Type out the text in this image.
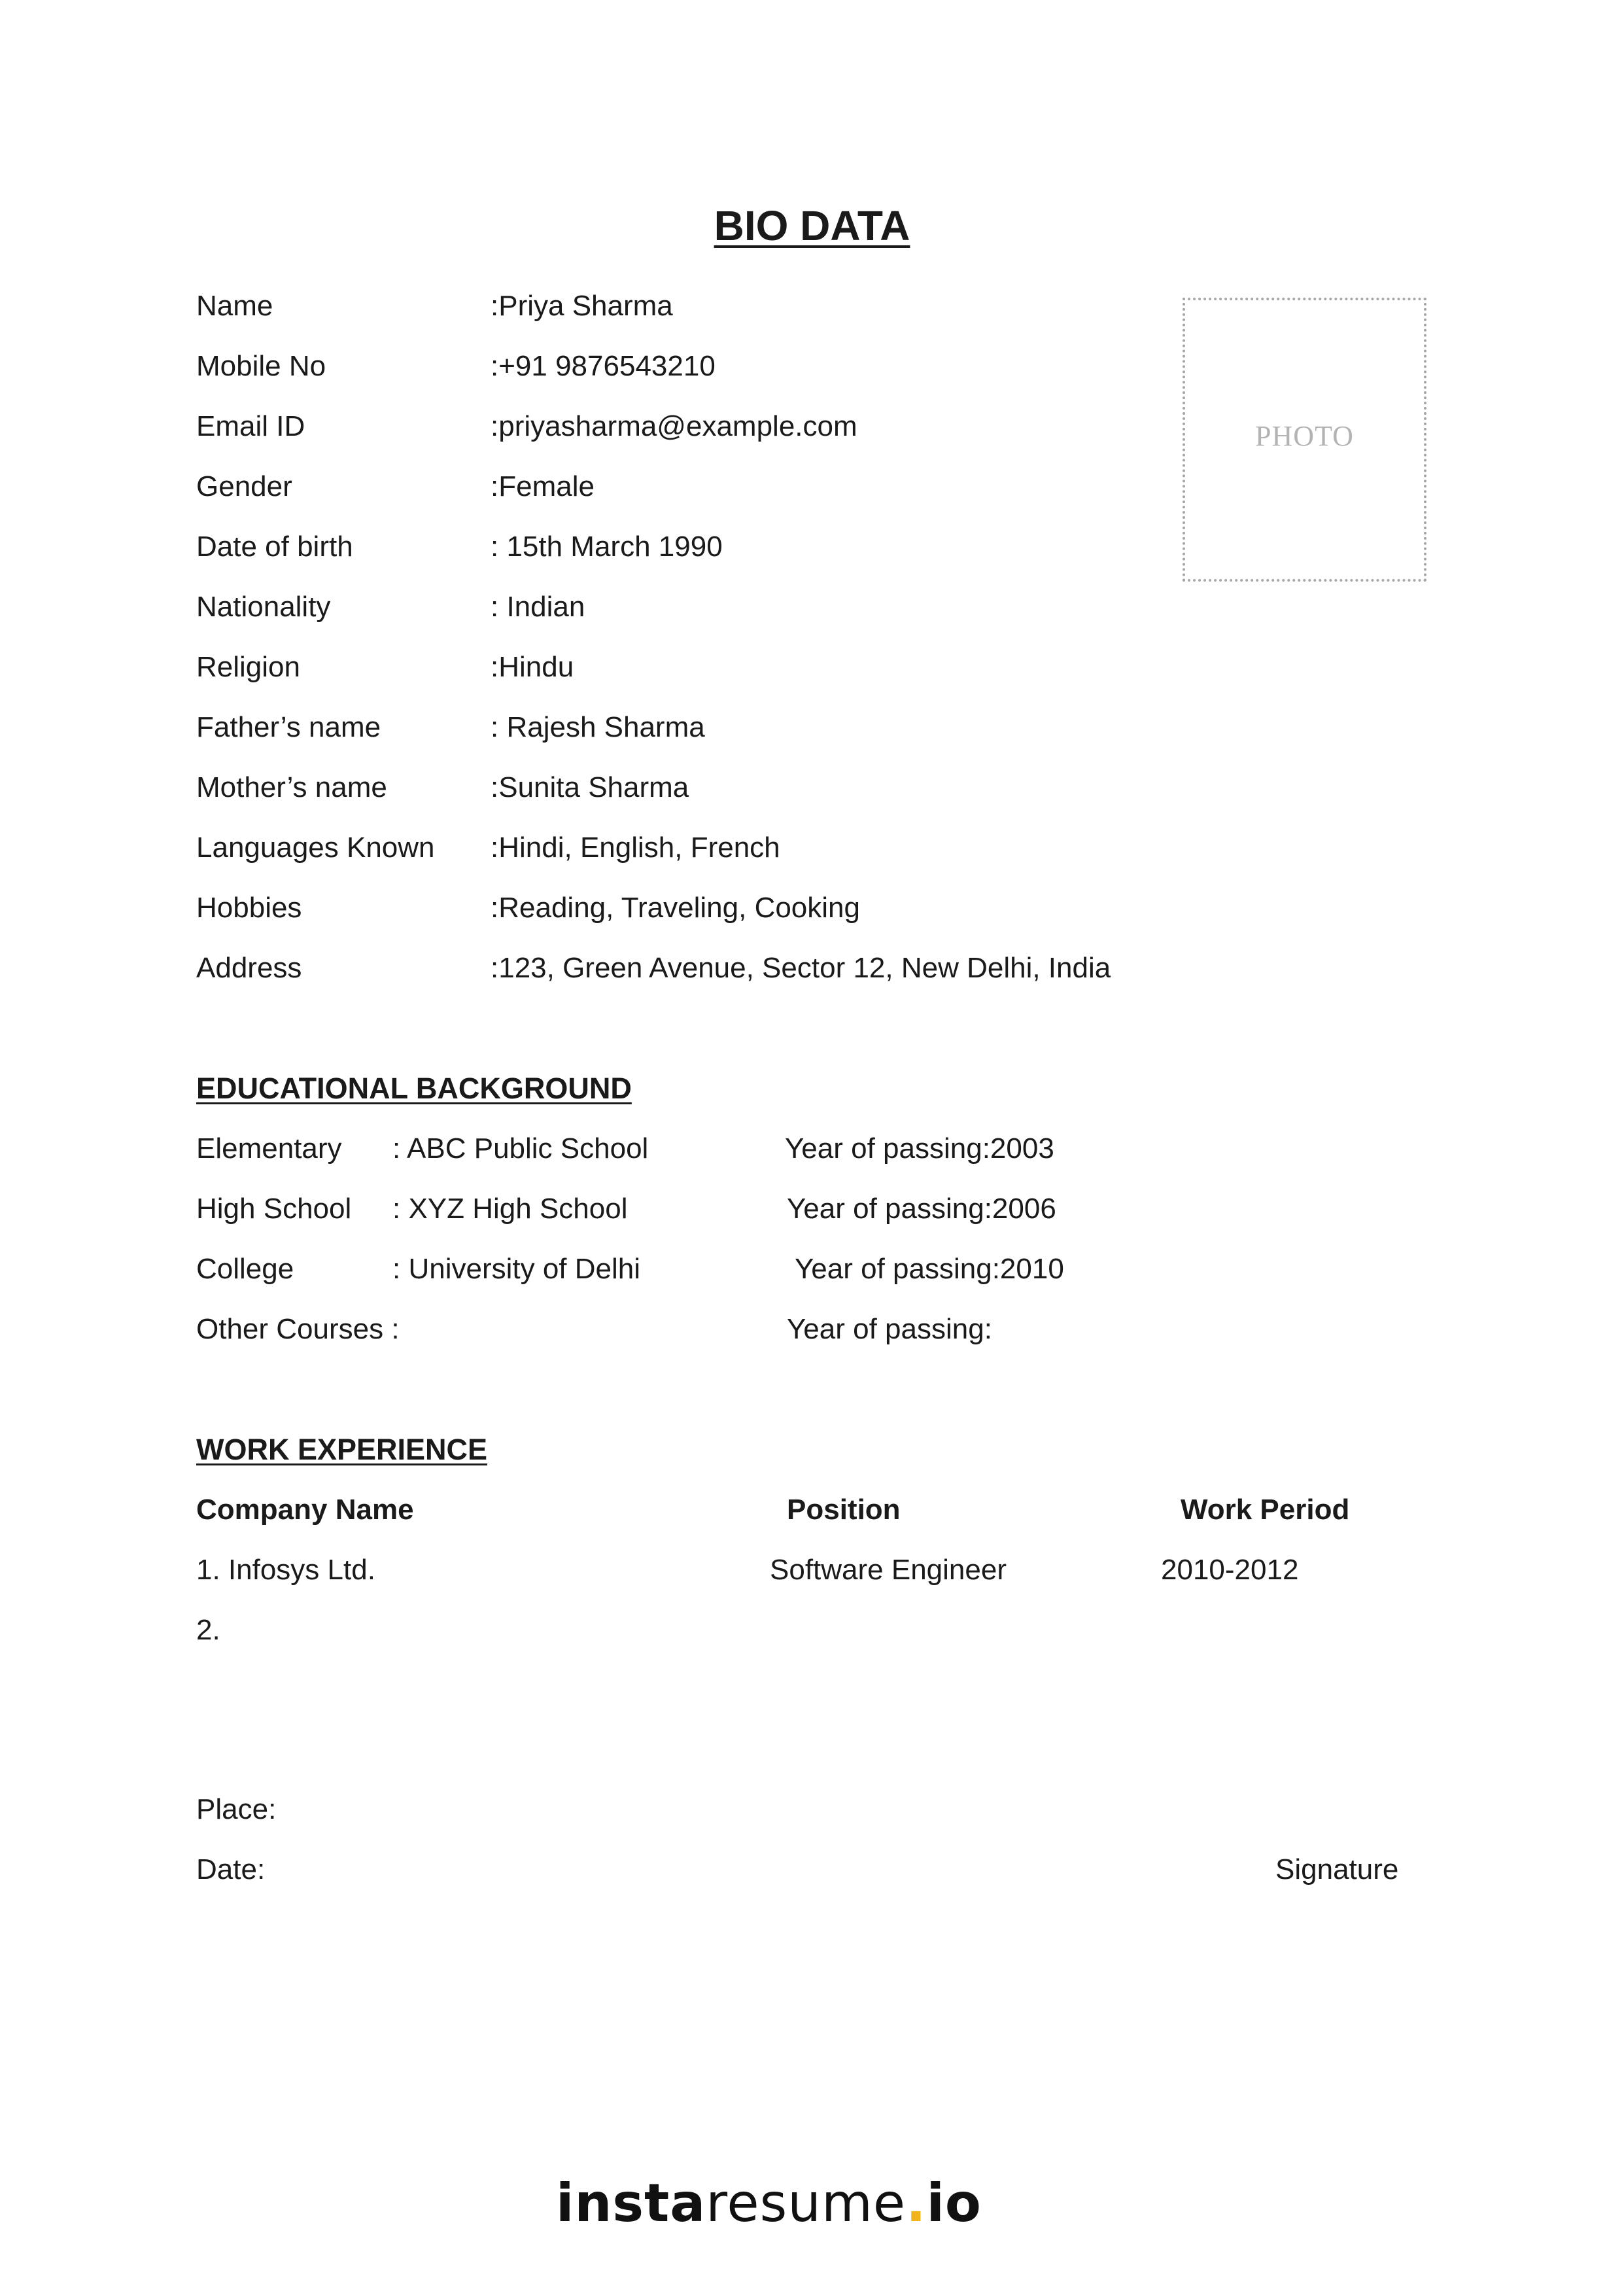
BIO DATA
PHOTO
Name	:Priya Sharma
Mobile No	:+91 9876543210
Email ID	:priyasharma@example.com
Gender	:Female
Date of birth	: 15th March 1990
Nationality	: Indian
Religion	:Hindu
Father’s name	: Rajesh Sharma
Mother’s name	:Sunita Sharma
Languages Known :Hindi, English, French
Hobbies	:Reading, Traveling, Cooking
Address	:123, Green Avenue, Sector 12, New Delhi, India
EDUCATIONAL BACKGROUND
Elementary : ABC Public School	Year of passing:2003
High School : XYZ High School	Year of passing:2006
College	: University of Delhi	Year of passing:2010
Other Courses :	Year of passing:
WORK EXPERIENCE
Company Name	Position	Work Period
1. Infosys Ltd.	Software Engineer	2010-2012
2.
Place:
Date:	Signature
instaresume.io
